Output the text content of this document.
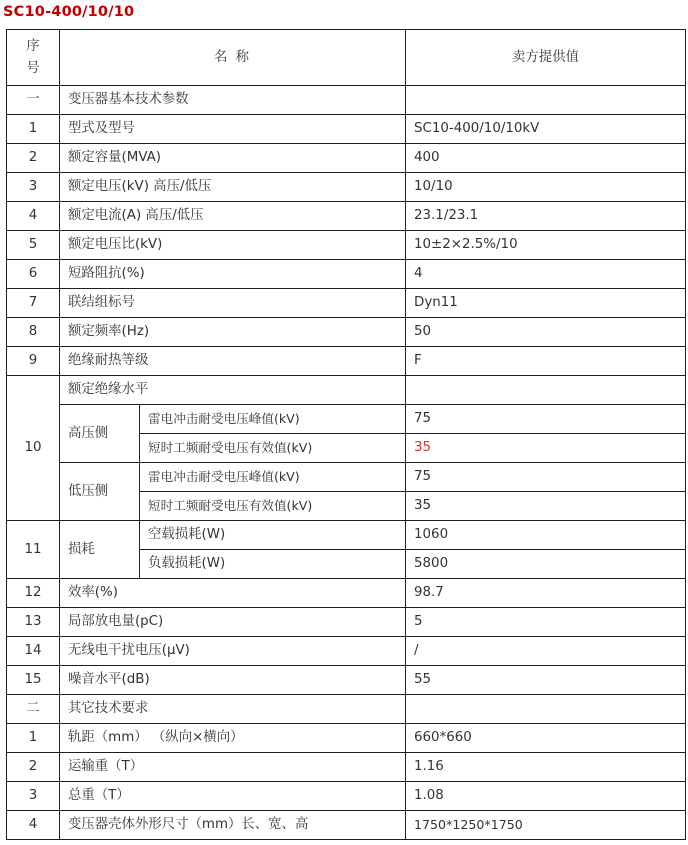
SC10-400/10/10
序
号	名 称		卖方提供值
一	变压器基本技术参数		
1	型式及型号		SC10-400/10/10kV
2	额定容量(MVA)		400
3	额定电压(kV) 高压/低压		10/10
4	额定电流(A) 高压/低压		23.1/23.1
5	额定电压比(kV)		10±2×2.5%/10
6	短路阻抗(%)		4
7	联结组标号		Dyn11
8	额定频率(Hz)		50
9	绝缘耐热等级		F
10	额定绝缘水平		
	高压侧	雷电冲击耐受电压峰值(kV)	75
		短时工频耐受电压有效值(kV)	35
	低压侧	雷电冲击耐受电压峰值(kV)	75
		短时工频耐受电压有效值(kV)	35
11	损耗	空载损耗(W)	1060
		负载损耗(W)	5800
12	效率(%)		98.7
13	局部放电量(pC)		5
14	无线电干扰电压(μV)		/
15	噪音水平(dB)		55
二	其它技术要求		
1	轨距（mm） （纵向×横向）		660*660
2	运输重（T）		1.16
3	总重（T）		1.08
4	变压器壳体外形尺寸（mm）长、宽、高		1750*1250*1750
